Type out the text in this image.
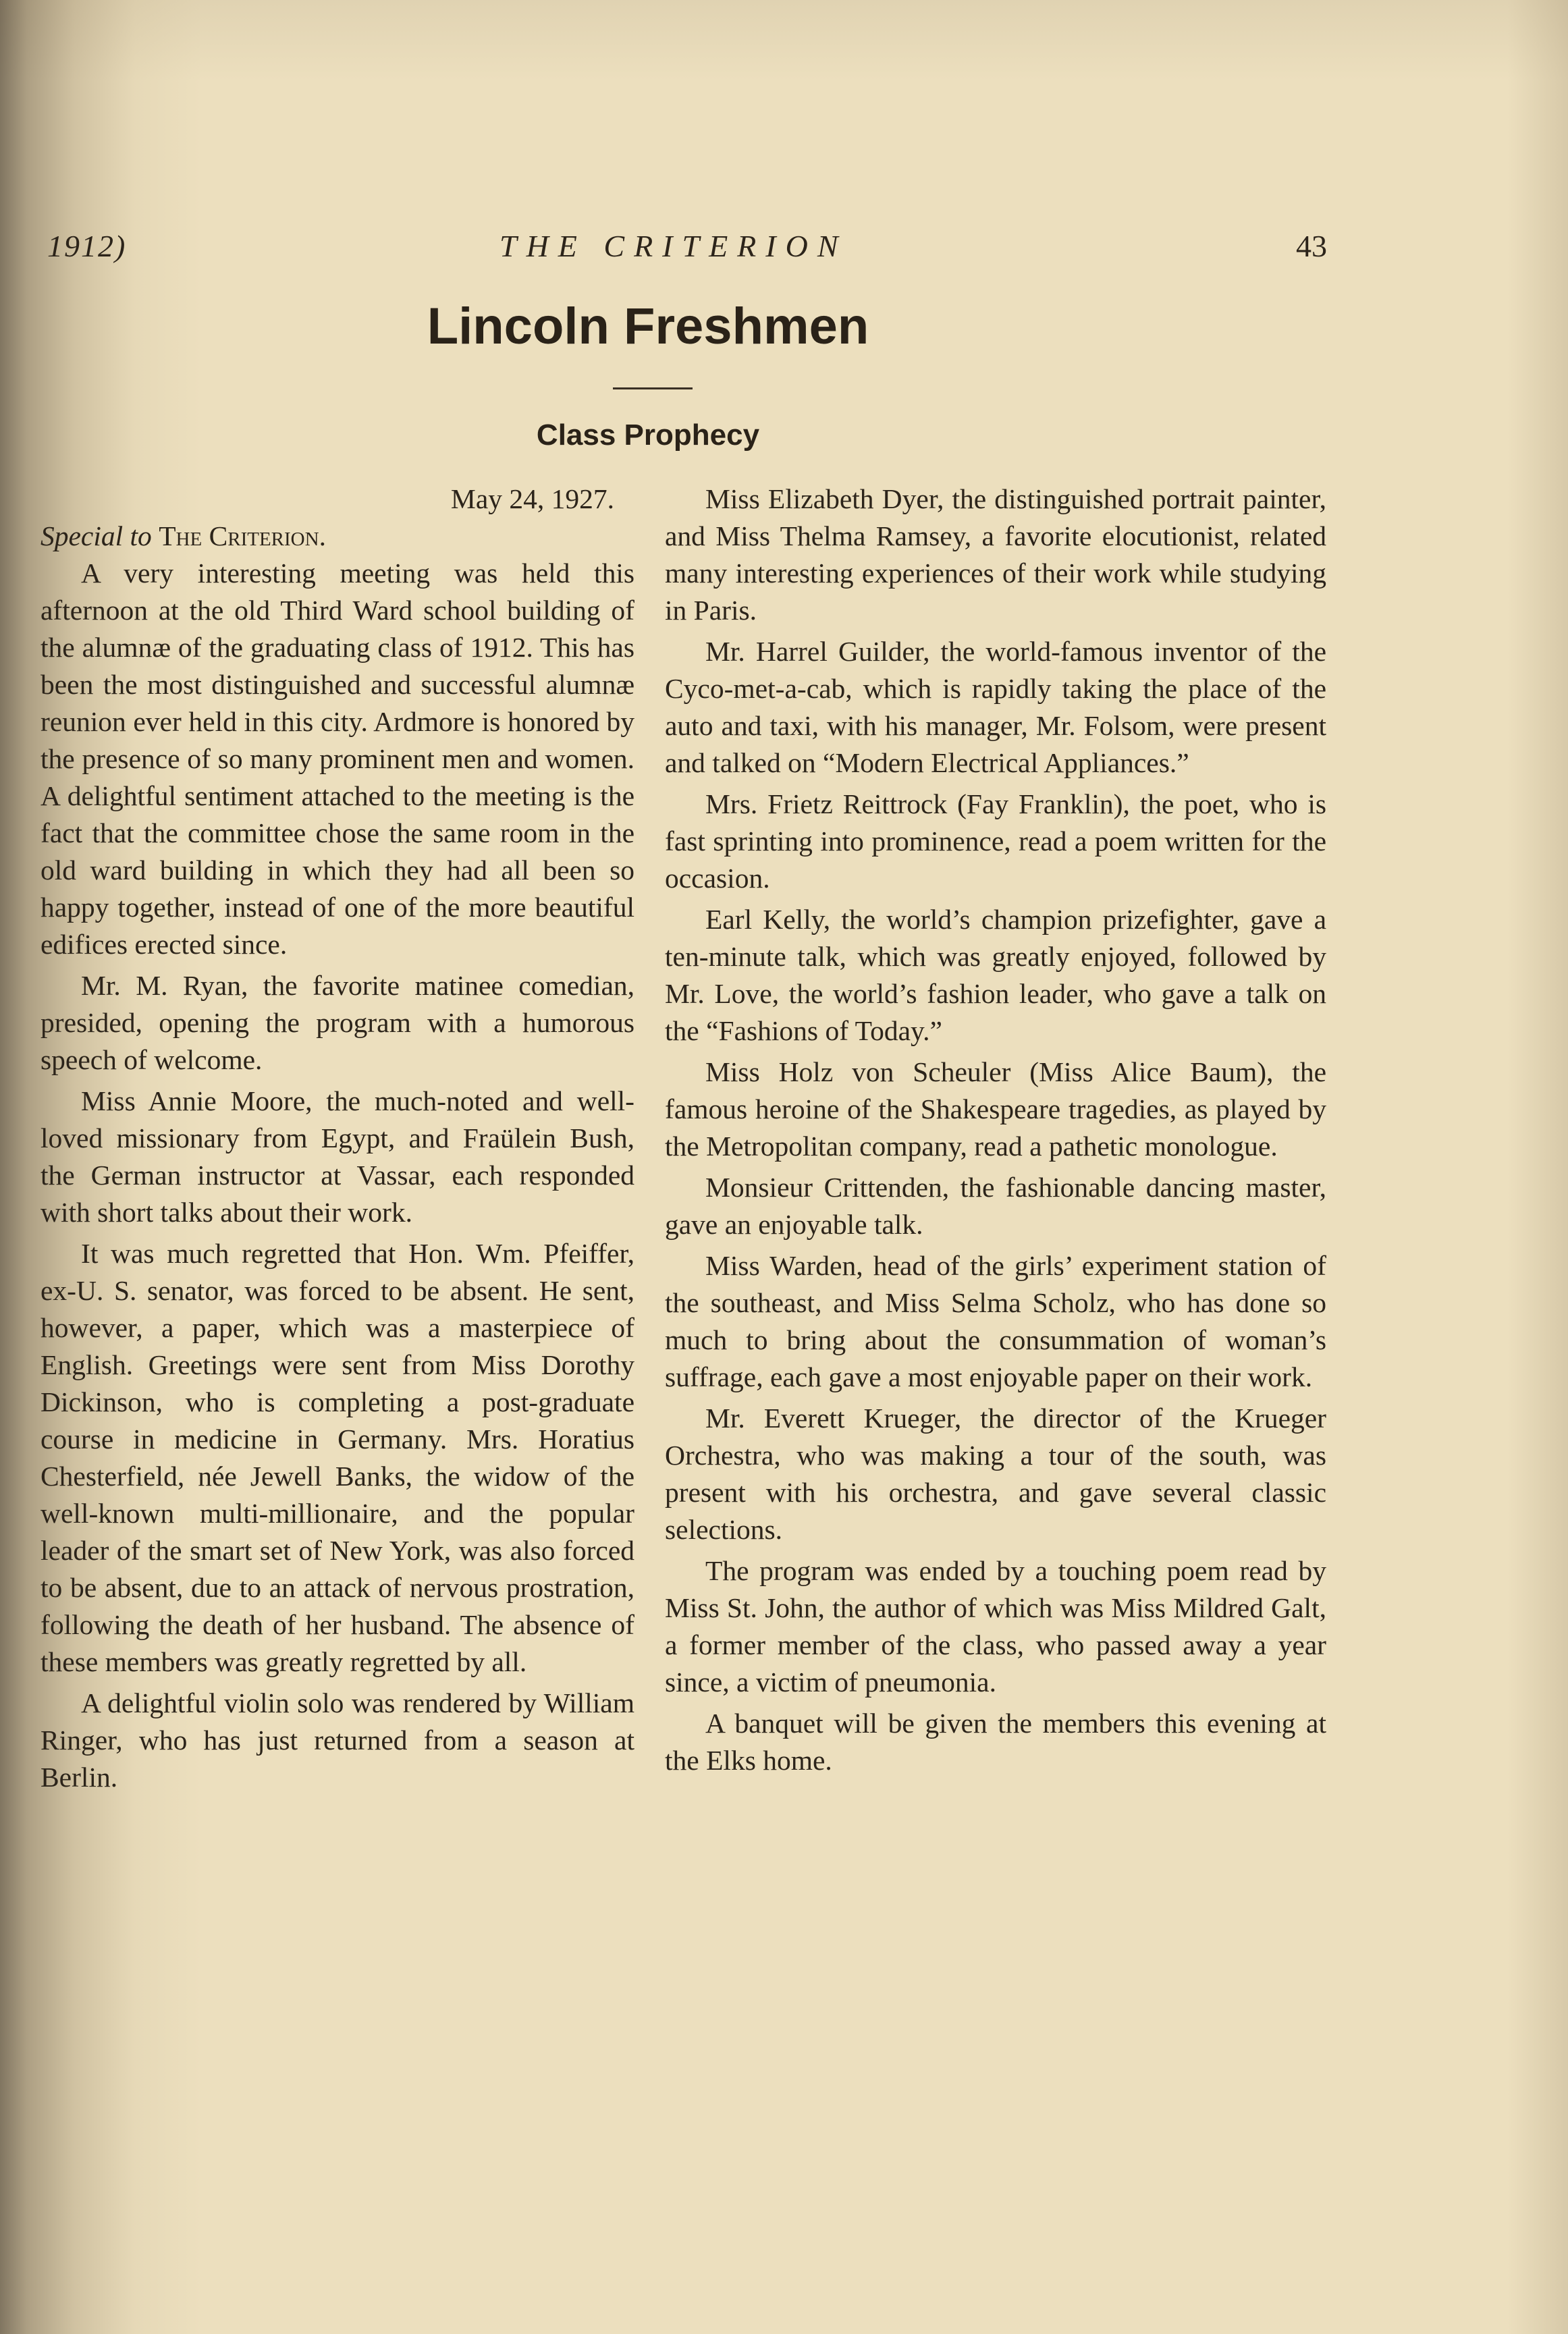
1912)	THE CRITERION	43
Lincoln Freshmen
Class Prophecy

May 24, 1927.

Special to The Criterion.

A very interesting meeting was held this afternoon at the old Third Ward school building of the alumnæ of the graduating class of 1912. This has been the most distinguished and successful alumnæ reunion ever held in this city. Ardmore is honored by the presence of so many prominent men and women. A delightful sentiment attached to the meeting is the fact that the committee chose the same room in the old ward building in which they had all been so happy together, instead of one of the more beautiful edifices erected since.

Mr. M. Ryan, the favorite matinee comedian, presided, opening the program with a humorous speech of welcome.

Miss Annie Moore, the much-noted and well-loved missionary from Egypt, and Fraülein Bush, the German instructor at Vassar, each responded with short talks about their work.

It was much regretted that Hon. Wm. Pfeiffer, ex-U. S. senator, was forced to be absent. He sent, however, a paper, which was a masterpiece of English. Greetings were sent from Miss Dorothy Dickinson, who is completing a post-graduate course in medicine in Germany. Mrs. Horatius Chesterfield, née Jewell Banks, the widow of the well-known multi-millionaire, and the popular leader of the smart set of New York, was also forced to be absent, due to an attack of nervous prostration, following the death of her husband. The absence of these members was greatly regretted by all.

A delightful violin solo was rendered by William Ringer, who has just returned from a season at Berlin.

Miss Elizabeth Dyer, the distinguished portrait painter, and Miss Thelma Ramsey, a favorite elocutionist, related many interesting experiences of their work while studying in Paris.

Mr. Harrel Guilder, the world-famous inventor of the Cyco-met-a-cab, which is rapidly taking the place of the auto and taxi, with his manager, Mr. Folsom, were present and talked on “Modern Electrical Appliances.”

Mrs. Frietz Reittrock (Fay Franklin), the poet, who is fast sprinting into prominence, read a poem written for the occasion.

Earl Kelly, the world’s champion prizefighter, gave a ten-minute talk, which was greatly enjoyed, followed by Mr. Love, the world’s fashion leader, who gave a talk on the “Fashions of Today.”

Miss Holz von Scheuler (Miss Alice Baum), the famous heroine of the Shakespeare tragedies, as played by the Metropolitan company, read a pathetic monologue.

Monsieur Crittenden, the fashionable dancing master, gave an enjoyable talk.

Miss Warden, head of the girls’ experiment station of the southeast, and Miss Selma Scholz, who has done so much to bring about the consummation of woman’s suffrage, each gave a most enjoyable paper on their work.

Mr. Everett Krueger, the director of the Krueger Orchestra, who was making a tour of the south, was present with his orchestra, and gave several classic selections.

The program was ended by a touching poem read by Miss St. John, the author of which was Miss Mildred Galt, a former member of the class, who passed away a year since, a victim of pneumonia.

A banquet will be given the members this evening at the Elks home.
